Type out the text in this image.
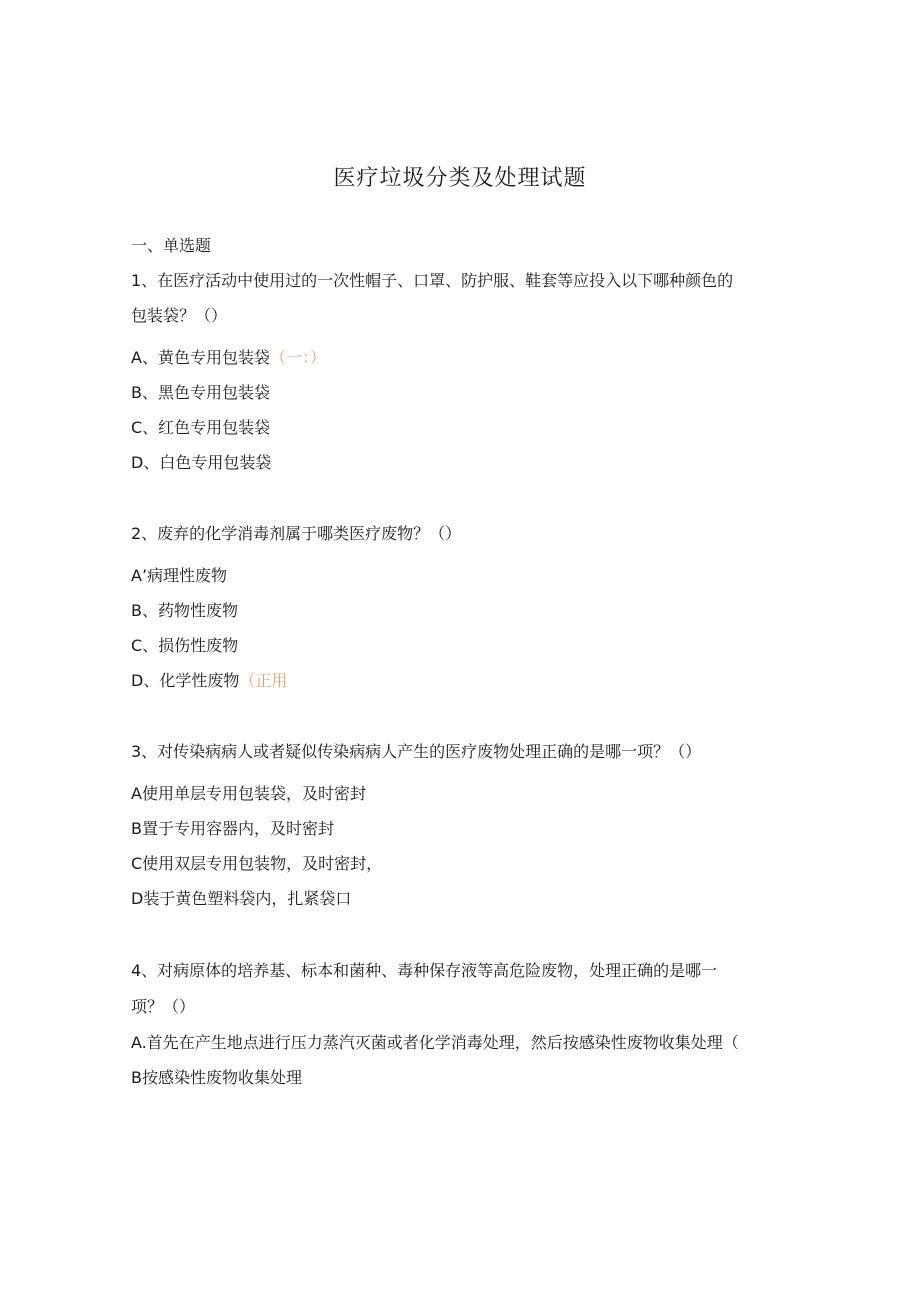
医疗垃圾分类及处理试题
一、单选题
1、在医疗活动中使用过的一次性帽子、口罩、防护服、鞋套等应投入以下哪种颜色的
包装袋？（）
A、黄色专用包装袋（一：）
B、黑色专用包装袋
C、红色专用包装袋
D、白色专用包装袋
2、废弃的化学消毒剂属于哪类医疗废物？（）
A’病理性废物
B、药物性废物
C、损伤性废物
D、化学性废物（正用
3、对传染病病人或者疑似传染病病人产生的医疗废物处理正确的是哪一项？（）
A使用单层专用包装袋，及时密封
B置于专用容器内，及时密封
C使用双层专用包装物，及时密封，
D装于黄色塑料袋内，扎紧袋口
4、对病原体的培养基、标本和菌种、毒种保存液等高危险废物，处理正确的是哪一
项？（）
A.首先在产生地点进行压力蒸汽灭菌或者化学消毒处理，然后按感染性废物收集处理（
B按感染性废物收集处理
